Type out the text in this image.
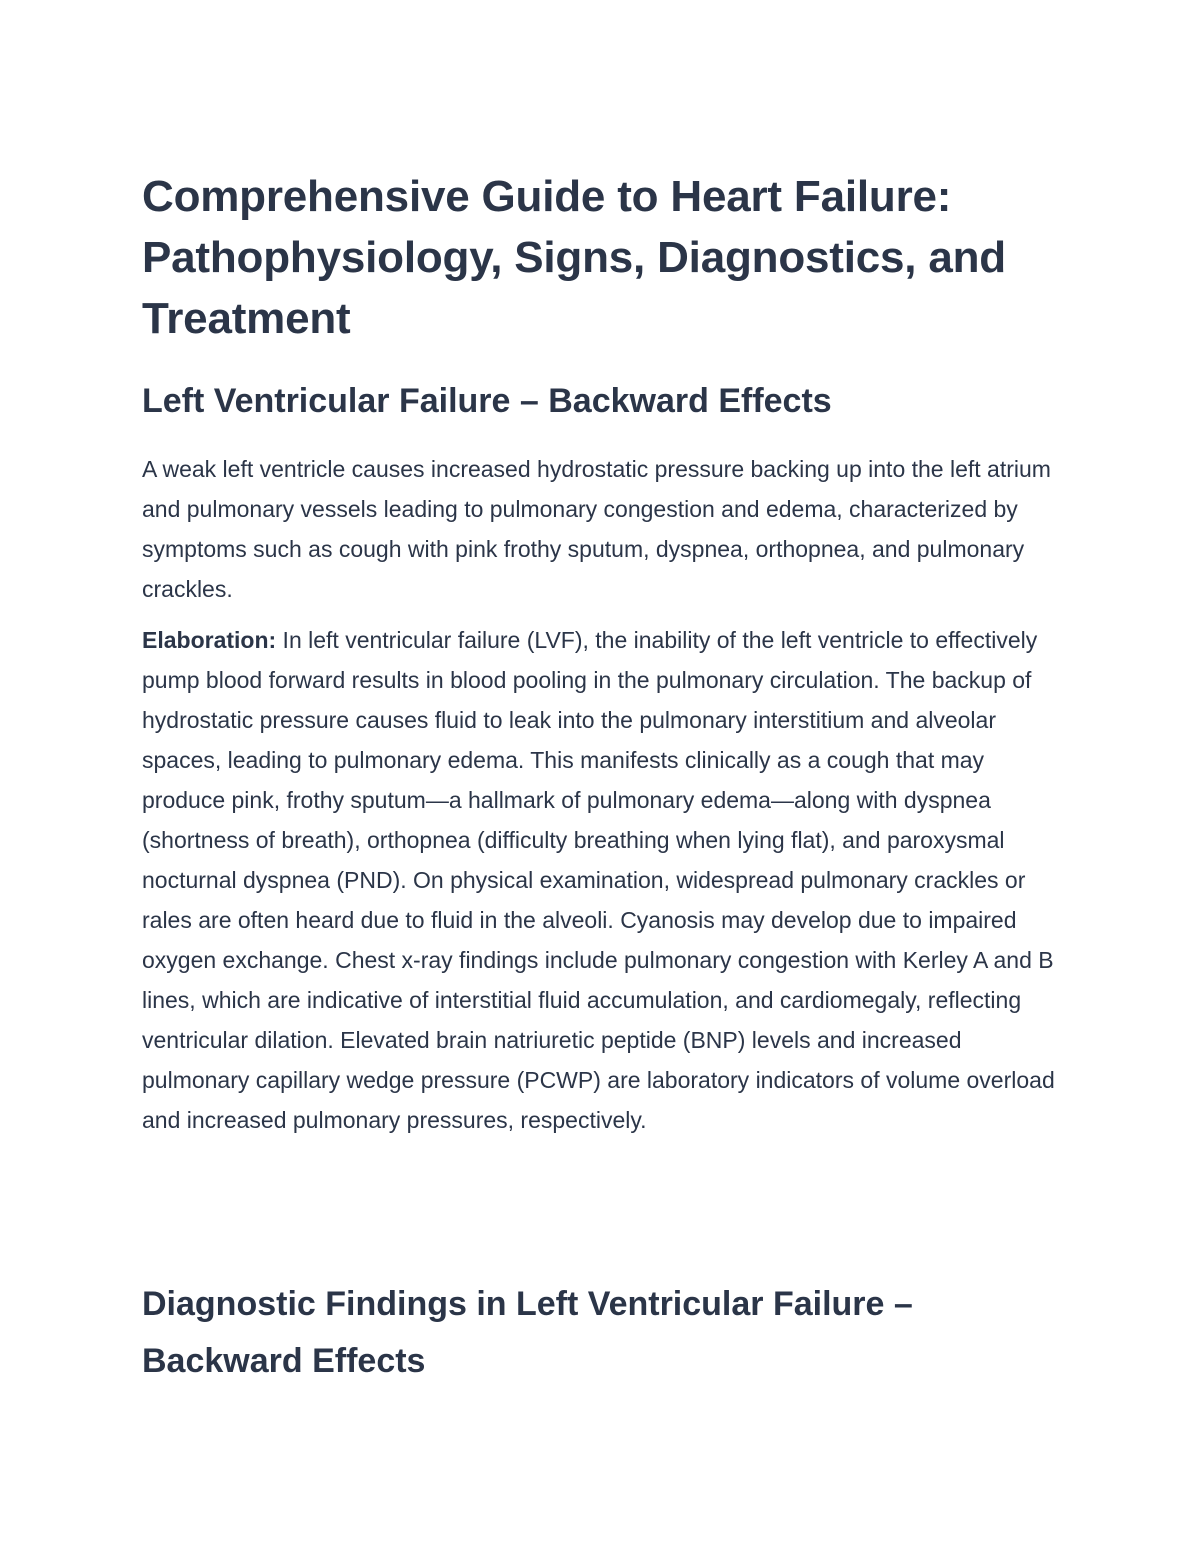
Comprehensive Guide to Heart Failure: Pathophysiology, Signs, Diagnostics, and Treatment
Left Ventricular Failure – Backward Effects

A weak left ventricle causes increased hydrostatic pressure backing up into the left atrium and pulmonary vessels leading to pulmonary congestion and edema, characterized by symptoms such as cough with pink frothy sputum, dyspnea, orthopnea, and pulmonary crackles.

Elaboration: In left ventricular failure (LVF), the inability of the left ventricle to effectively pump blood forward results in blood pooling in the pulmonary circulation. The backup of hydrostatic pressure causes fluid to leak into the pulmonary interstitium and alveolar spaces, leading to pulmonary edema. This manifests clinically as a cough that may produce pink, frothy sputum—a hallmark of pulmonary edema—along with dyspnea (shortness of breath), orthopnea (difficulty breathing when lying flat), and paroxysmal nocturnal dyspnea (PND). On physical examination, widespread pulmonary crackles or rales are often heard due to fluid in the alveoli. Cyanosis may develop due to impaired oxygen exchange. Chest x-ray findings include pulmonary congestion with Kerley A and B lines, which are indicative of interstitial fluid accumulation, and cardiomegaly, reflecting ventricular dilation. Elevated brain natriuretic peptide (BNP) levels and increased pulmonary capillary wedge pressure (PCWP) are laboratory indicators of volume overload and increased pulmonary pressures, respectively.

Diagnostic Findings in Left Ventricular Failure – Backward Effects
